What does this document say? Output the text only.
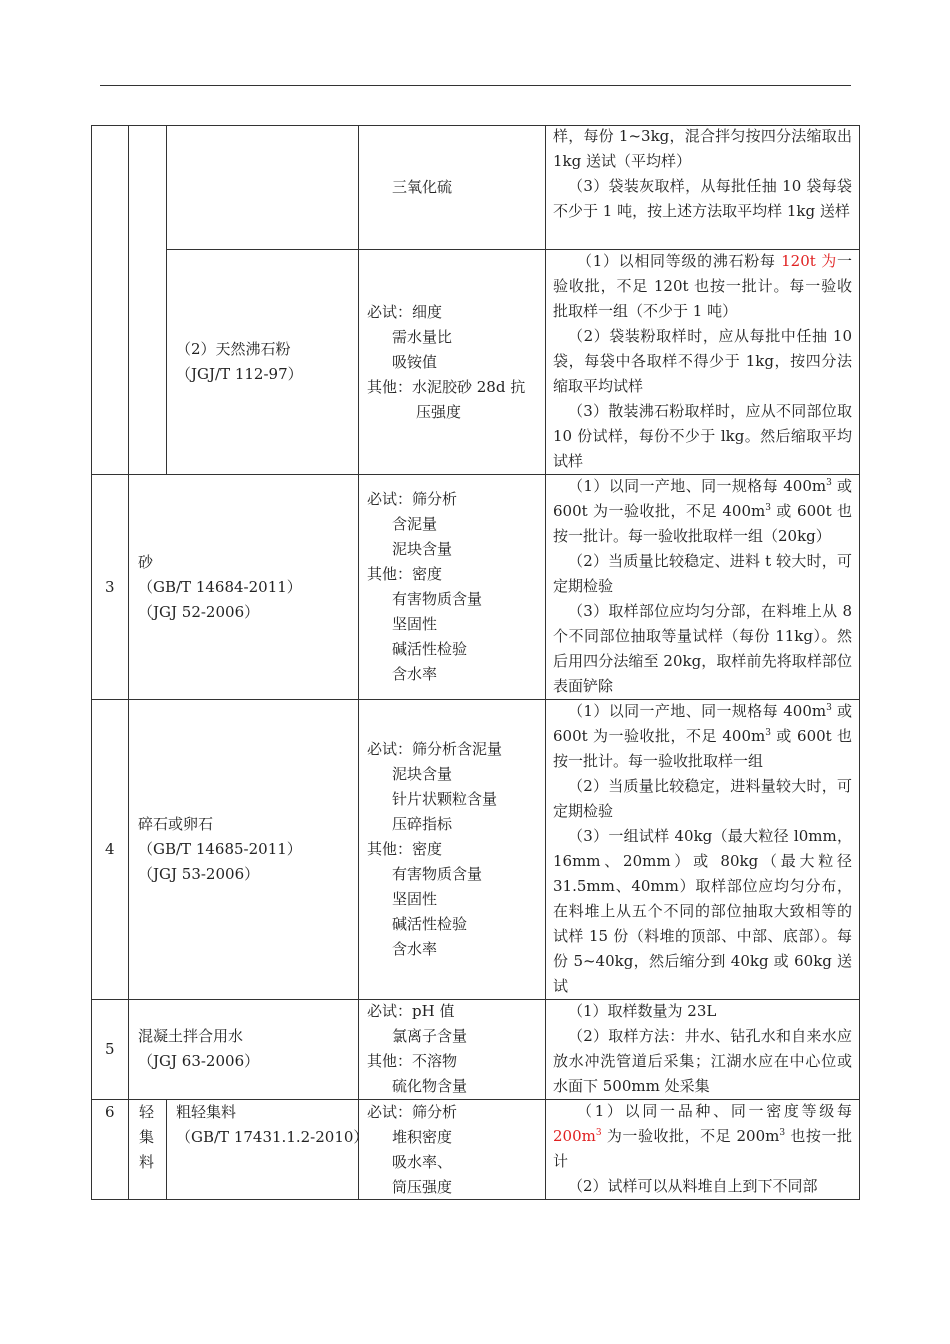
三氧化硫

样，每份 1~3kg，混合拌匀按四分法缩取出 1kg 送试（平均样）

（3）袋装灰取样，从每批任抽 10 袋每袋不少于 1 吨，按上述方法取平均样 1kg 送样

（2）天然沸石粉
（JGJ/T 112-97）
必试：细度
需水量比
吸铵值
其他：水泥胶砂 28d 抗
压强度

（1）以相同等级的沸石粉每 120t 为一验收批，不足 120t 也按一批计。每一验收批取样一组（不少于 1 吨）

（2）袋装粉取样时，应从每批中任抽 10 袋，每袋中各取样不得少于 1kg，按四分法缩取平均试样

（3）散装沸石粉取样时，应从不同部位取 10 份试样，每份不少于 lkg。然后缩取平均试样

3
砂
（GB/T 14684-2011）
（JGJ 52-2006）
必试：筛分析
含泥量
泥块含量
其他：密度
有害物质含量
坚固性
碱活性检验
含水率

（1）以同一产地、同一规格每 $400m^3$ 或 600t 为一验收批，不足 $400m^3$ 或 600t 也按一批计。每一验收批取样一组（20kg）

（2）当质量比较稳定、进料 t 较大时，可定期检验

（3）取样部位应均匀分部，在料堆上从 8 个不同部位抽取等量试样（每份 11kg）。然后用四分法缩至 20kg，取样前先将取样部位表面铲除

4
碎石或卵石
（GB/T 14685-2011）
（JGJ 53-2006）
必试：筛分析含泥量
泥块含量
针片状颗粒含量
压碎指标
其他：密度
有害物质含量
坚固性
碱活性检验
含水率

（1）以同一产地、同一规格每 $400m^3$ 或 600t 为一验收批，不足 $400m^3$ 或 600t 也按一批计。每一验收批取样一组

（2）当质量比较稳定，进料量较大时，可定期检验

（3）一组试样 40kg（最大粒径 l0mm，16mm、20mm）或 80kg（最大粒径 31.5mm、40mm）取样部位应均匀分布，在料堆上从五个不同的部位抽取大致相等的试样 15 份（料堆的顶部、中部、底部）。每份 5~40kg，然后缩分到 40kg 或 60kg 送试

5
混凝土拌合用水
（JGJ 63-2006）
必试：pH 值
氯离子含量
其他：不溶物
硫化物含量

（1）取样数量为 23L

（2）取样方法：井水、钻孔水和自来水应放水冲洗管道后采集；江湖水应在中心位或水面下 500mm 处采集

6 轻
集
料
粗轻集料
（GB/T 17431.1.2-2010）
必试：筛分析
堆积密度
吸水率、
筒压强度

（1）以同一品种、同一密度等级每 $200m^3$ 为一验收批，不足 $200m^3$ 也按一批计

（2）试样可以从料堆自上到下不同部
